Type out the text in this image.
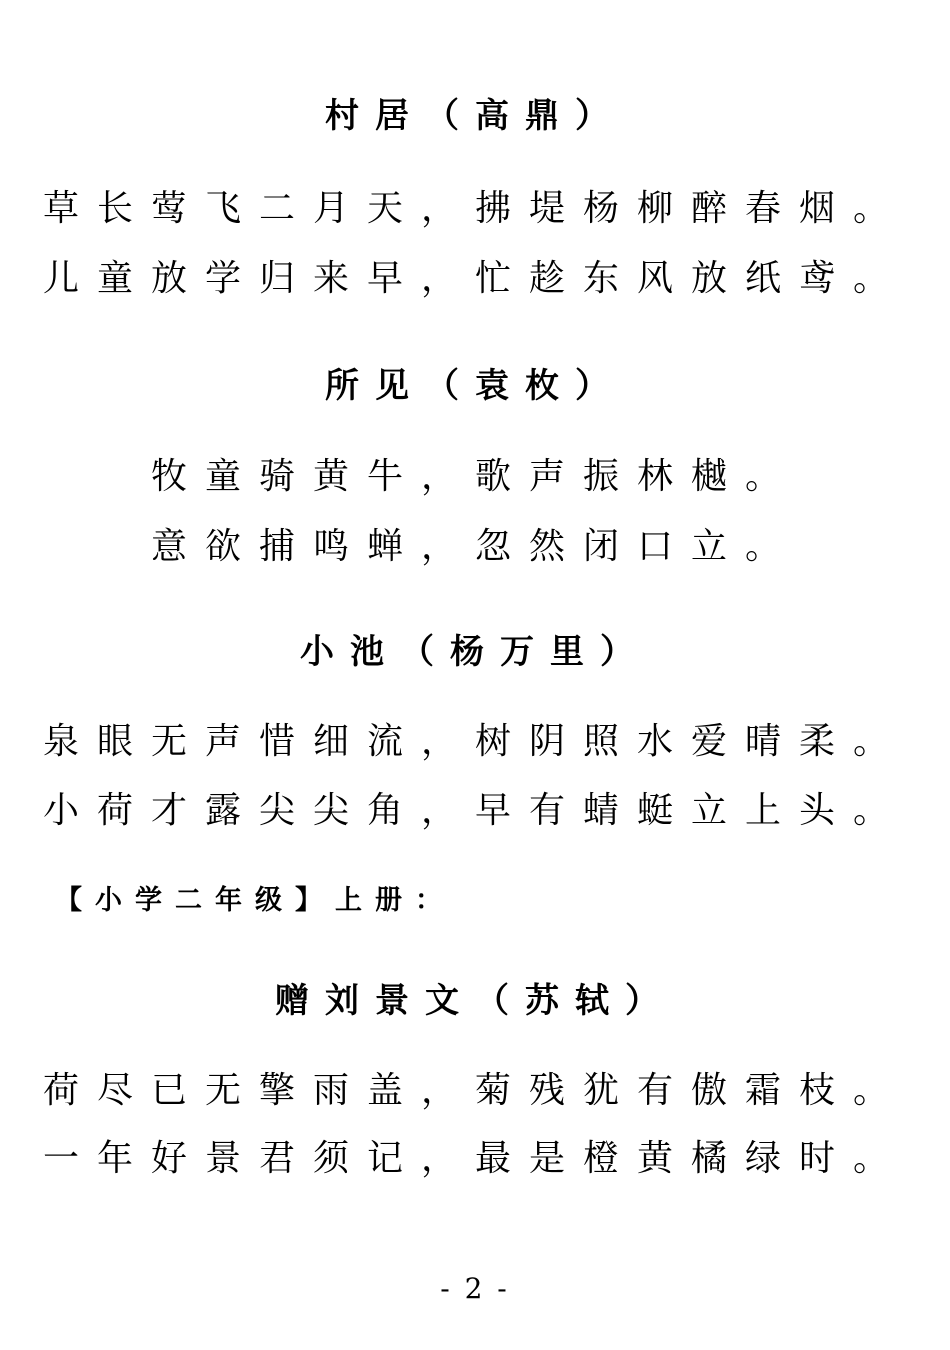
村居（高鼎）
草长莺飞二月天，拂堤杨柳醉春烟。
儿童放学归来早，忙趁东风放纸鸢。
所见（袁枚）
牧童骑黄牛，歌声振林樾。
意欲捕鸣蝉，忽然闭口立。
小池（杨万里）
泉眼无声惜细流，树阴照水爱晴柔。
小荷才露尖尖角，早有蜻蜓立上头。
【小学二年级】上册：
赠刘景文（苏轼）
荷尽已无擎雨盖，菊残犹有傲霜枝。
一年好景君须记，最是橙黄橘绿时。
- 2 -
